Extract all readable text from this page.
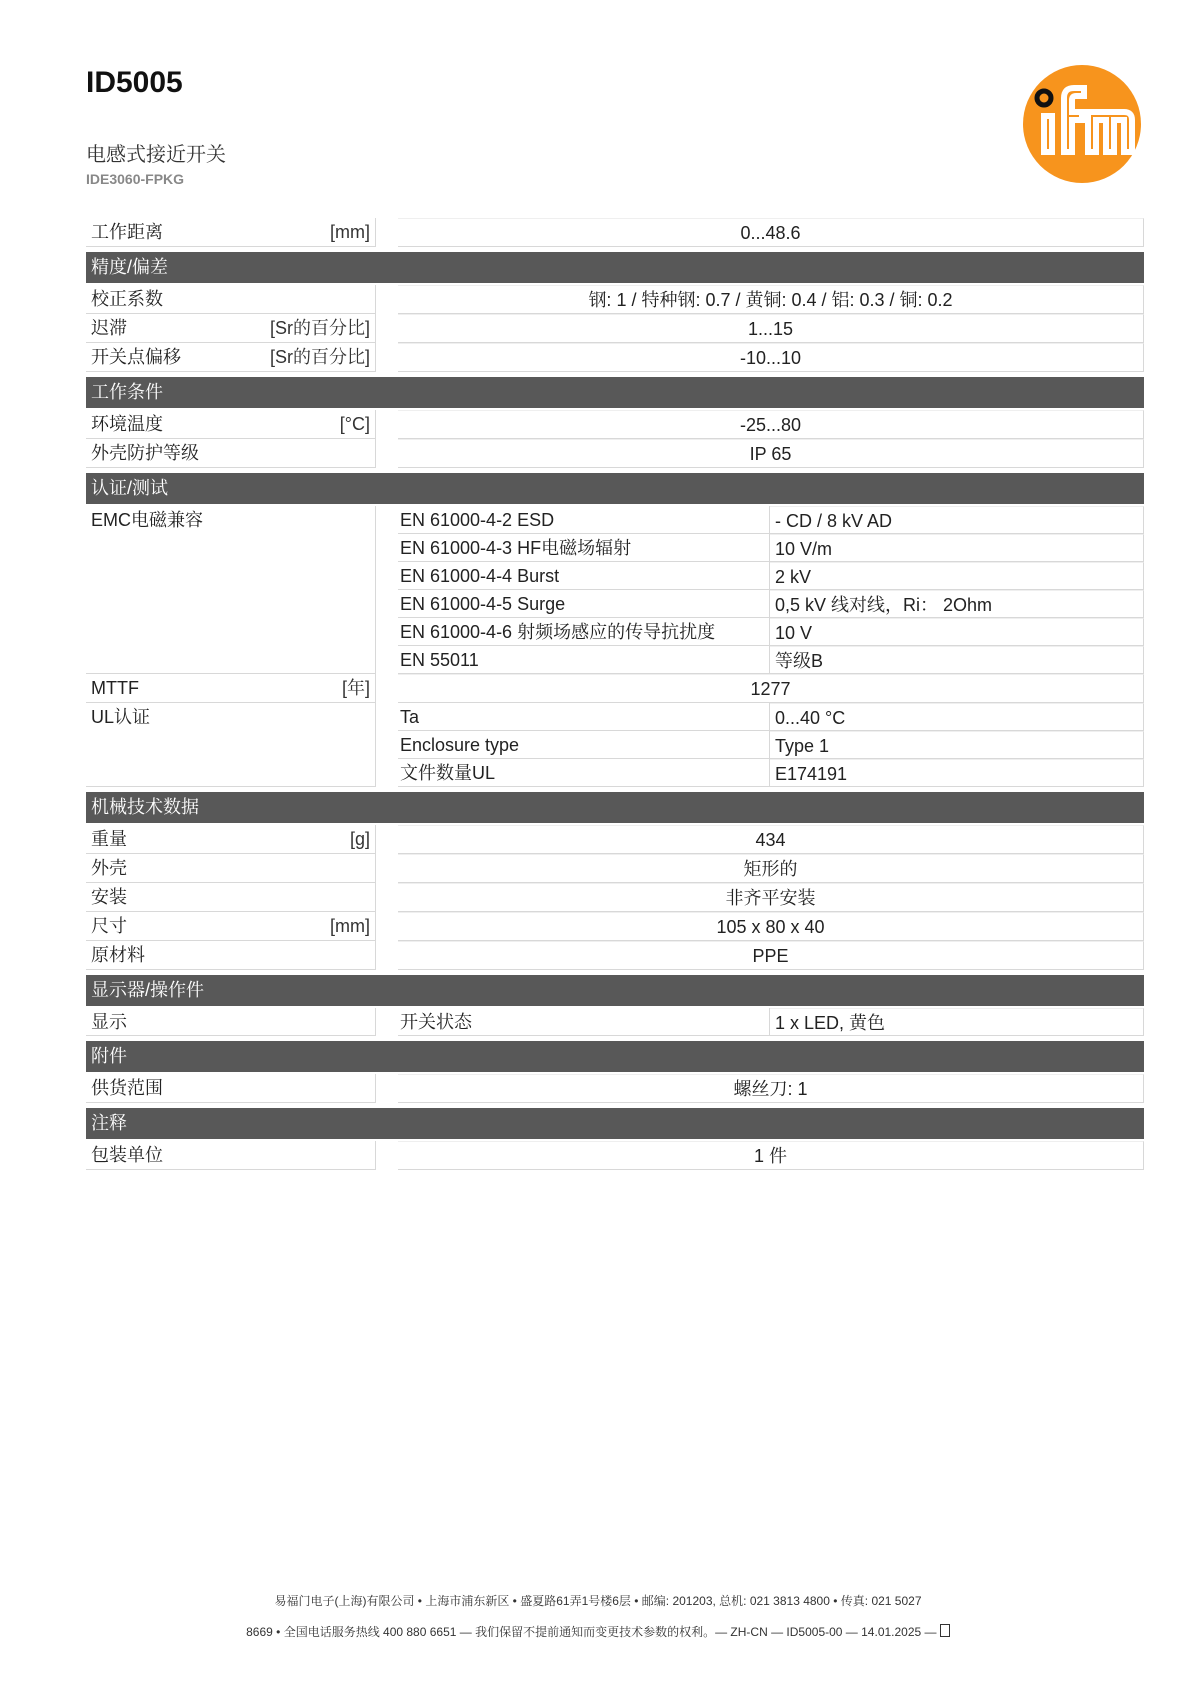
ID5005
电感式接近开关
IDE3060-FPKG
工作距离	[mm]	0...48.6
精度/偏差
校正系数	钢: 1 / 特种钢: 0.7 / 黄铜: 0.4 / 铝: 0.3 / 铜: 0.2
迟滞	[Sr的百分比]	1...15
开关点偏移	[Sr的百分比]	-10...10
工作条件
环境温度	[°C]	-25...80
外壳防护等级	IP 65
认证/测试
EMC电磁兼容	EN 61000-4-2 ESD	- CD / 8 kV AD
EN 61000-4-3 HF电磁场辐射	10 V/m
EN 61000-4-4 Burst	2 kV
EN 61000-4-5 Surge	0,5 kV 线对线，Ri： 2Ohm
EN 61000-4-6 射频场感应的传导抗扰度	10 V
EN 55011	等级B
MTTF	[年]	1277
UL认证	Ta	0...40 °C
Enclosure type	Type 1
文件数量UL	E174191
机械技术数据
重量	[g]	434
外壳	矩形的
安装	非齐平安装
尺寸	[mm]	105 x 80 x 40
原材料	PPE
显示器/操作件
显示	开关状态	1 x LED, 黄色
附件
供货范围	螺丝刀: 1
注释
包装单位	1 件
易福门电子(上海)有限公司 • 上海市浦东新区 • 盛夏路61弄1号楼6层 • 邮编: 201203, 总机: 021 3813 4800 • 传真: 021 5027
8669 • 全国电话服务热线 400 880 6651 — 我们保留不提前通知而变更技术参数的权利。— ZH-CN — ID5005-00 — 14.01.2025 —
